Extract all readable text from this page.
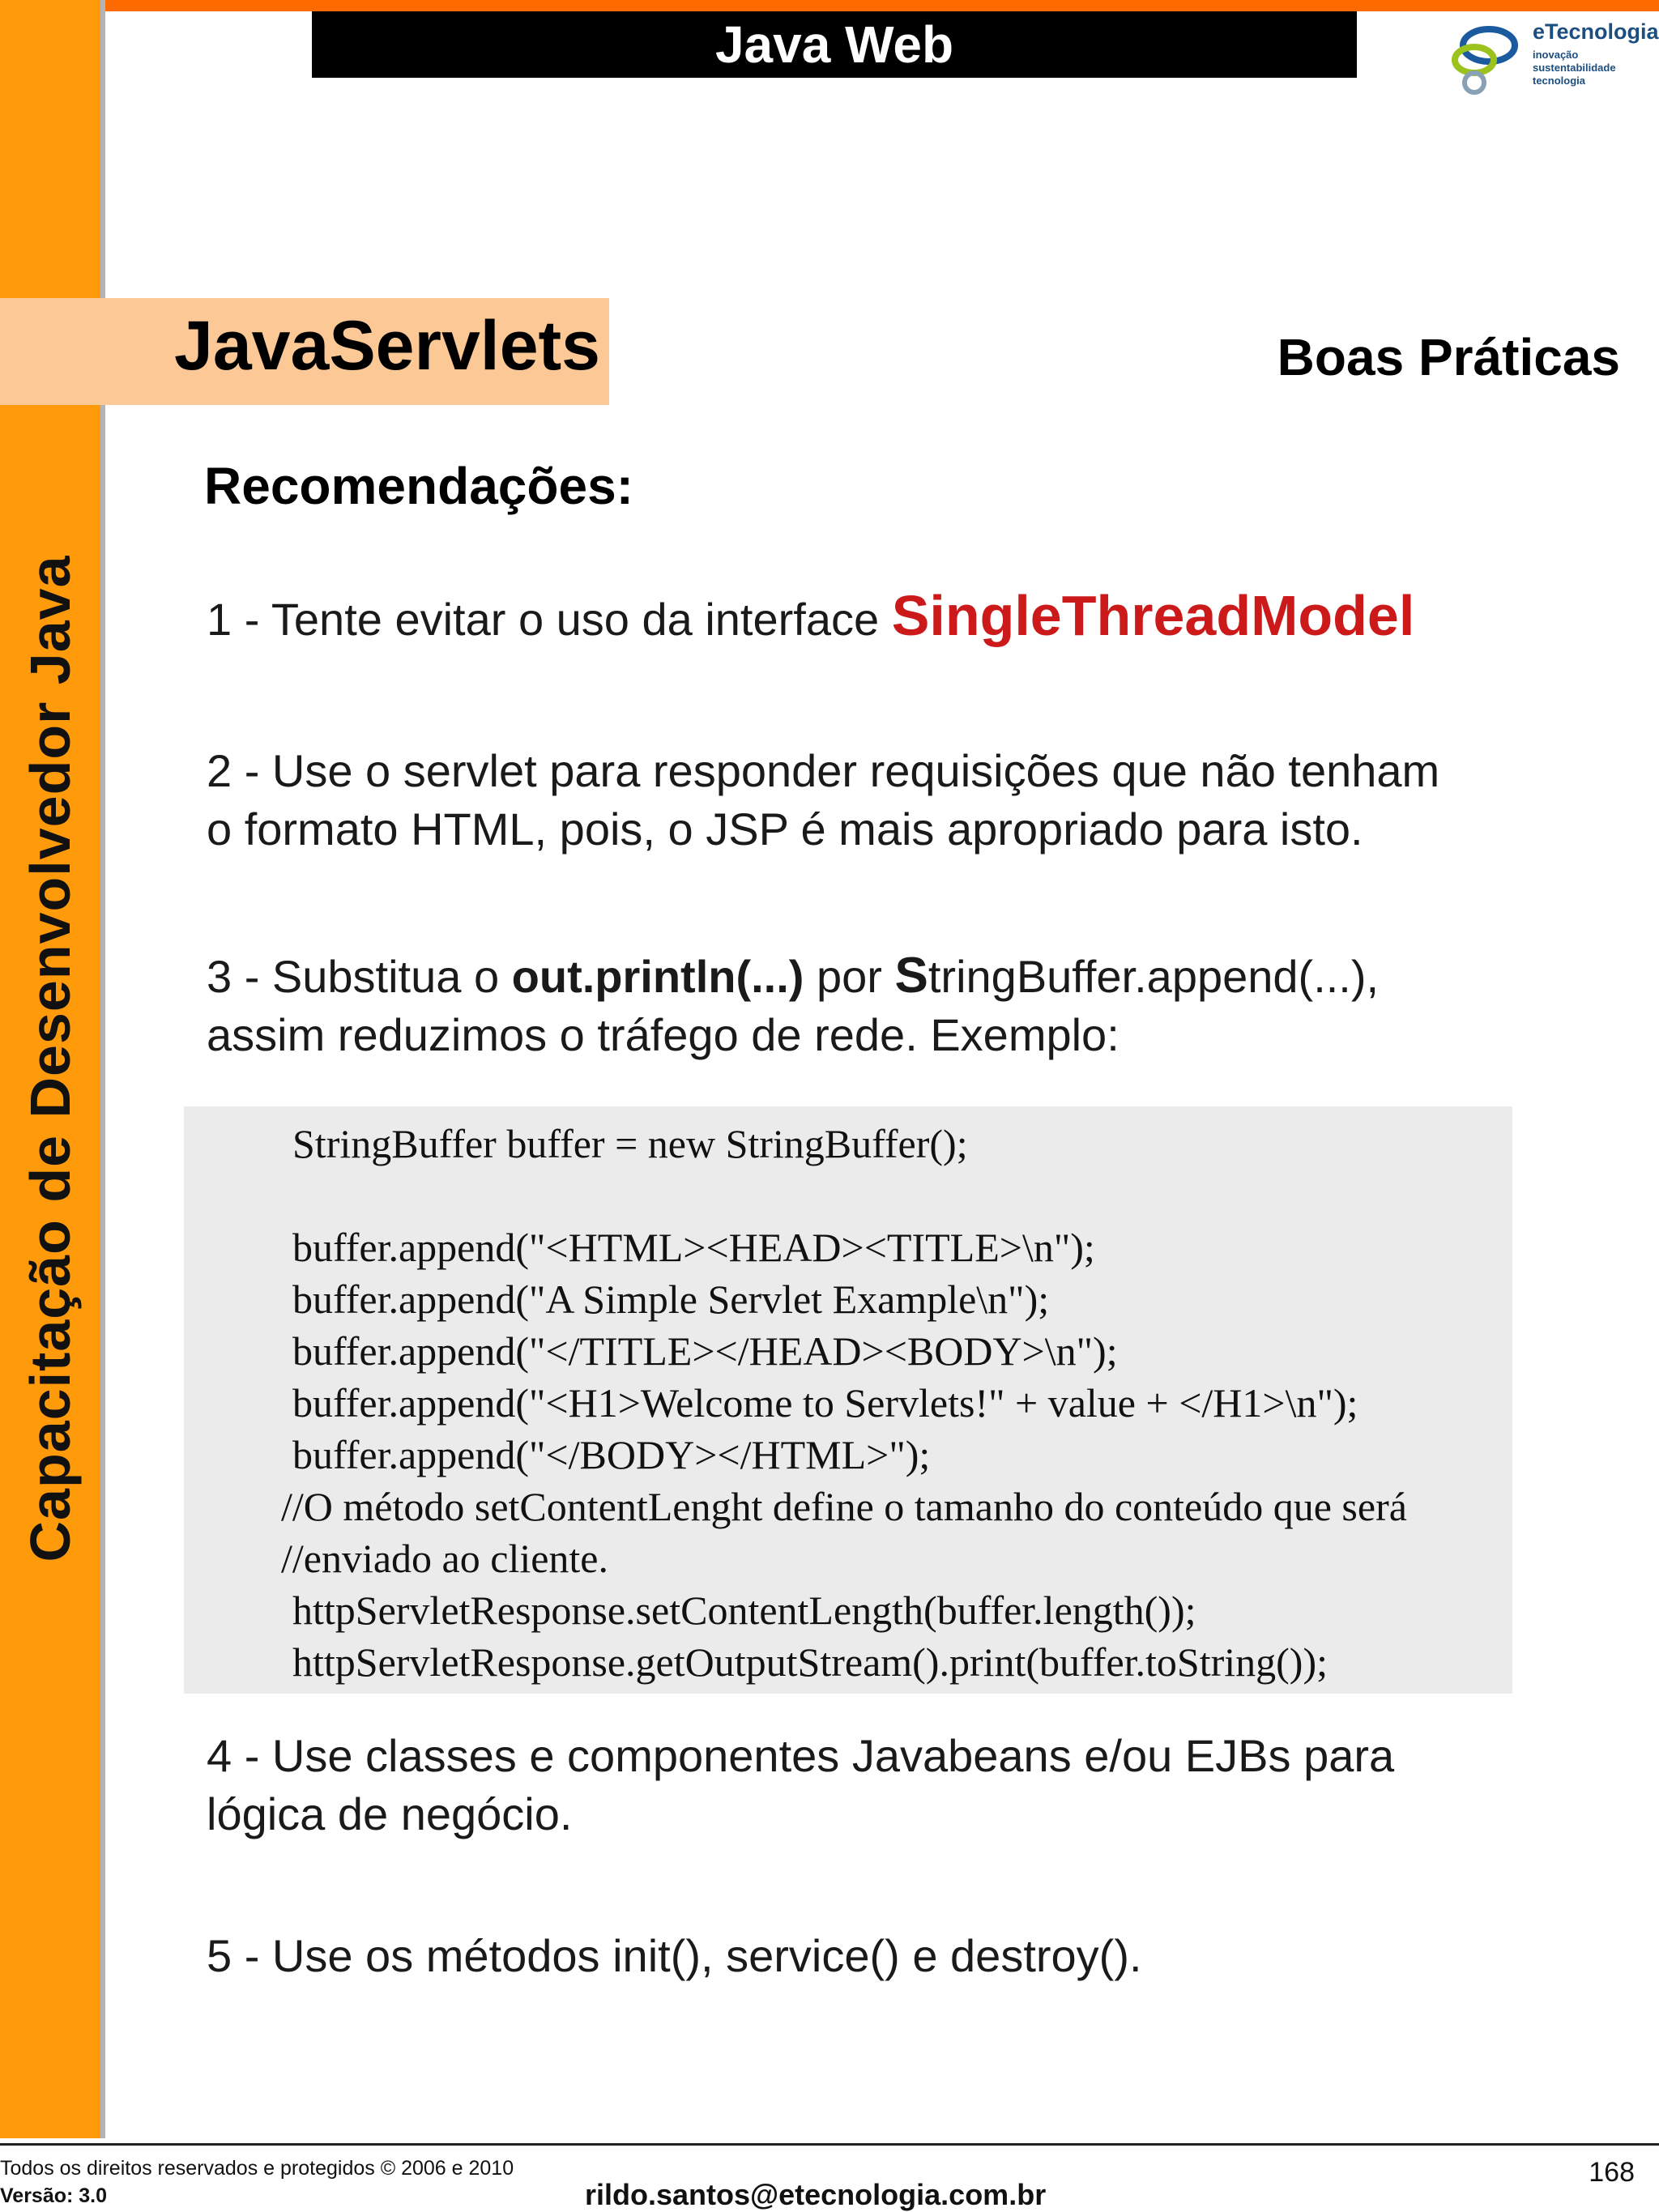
Capacitação de Desenvolvedor Java
Java Web	eTecnologia
inovação
sustentabilidade
tecnologia
JavaServlets	Boas Práticas
Recomendações:
1 - Tente evitar o uso da interface SingleThreadModel
2 - Use o servlet para responder requisições que não tenham
o formato HTML, pois, o JSP é mais apropriado para isto.
3 - Substitua o out.println(...) por StringBuffer.append(...),
assim reduzimos o tráfego de rede. Exemplo:
StringBuffer buffer = new StringBuffer();
buffer.append("<HTML><HEAD><TITLE>\n");
buffer.append("A Simple Servlet Example\n");
buffer.append("</TITLE></HEAD><BODY>\n");
buffer.append("<H1>Welcome to Servlets!" + value + </H1>\n");
buffer.append("</BODY></HTML>");
//O método setContentLenght define o tamanho do conteúdo que será
//enviado ao cliente.
httpServletResponse.setContentLength(buffer.length());
httpServletResponse.getOutputStream().print(buffer.toString());
4 - Use classes e componentes Javabeans e/ou EJBs para
lógica de negócio.
5 - Use os métodos init(), service() e destroy().
Todos os direitos reservados e protegidos © 2006 e 2010
Versão: 3.0	rildo.santos@etecnologia.com.br
168
